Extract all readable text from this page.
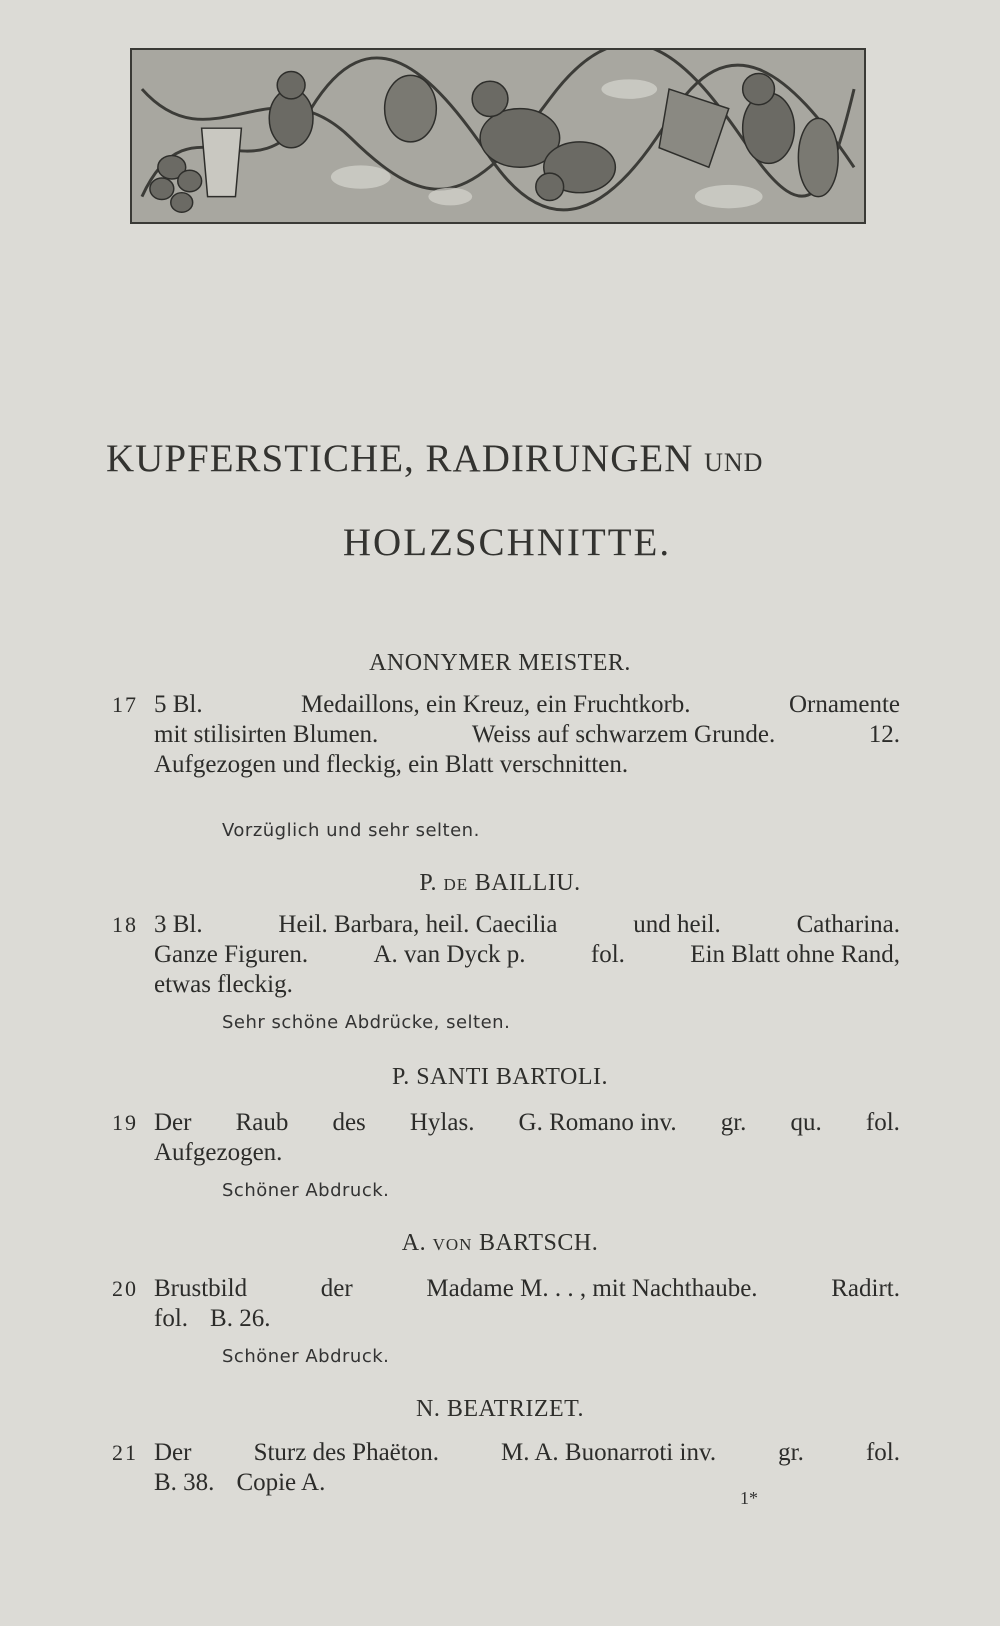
KUPFERSTICHE, RADIRUNGEN UND
HOLZSCHNITTE.
ANONYMER MEISTER.
17 5 Bl.	Medaillons, ein Kreuz, ein Fruchtkorb.	Ornamente
mit stilisirten Blumen.	Weiss auf schwarzem Grunde.	12.
Aufgezogen und fleckig, ein Blatt verschnitten.
Vorzüglich und sehr selten.
P. DE BAILLIU.
18 3 Bl.	Heil. Barbara, heil. Caecilia	und heil.	Catharina.
Ganze Figuren.	A. van Dyck p.	fol.	Ein Blatt ohne Rand,
etwas fleckig.
Sehr schöne Abdrücke, selten.
P. SANTI BARTOLI.
19 Der Raub des Hylas. G. Romano inv. gr. qu. fol.
Aufgezogen.
Schöner Abdruck.
A. VON BARTSCH.
20 Brustbild	der	Madame M. . . , mit Nachthaube.	Radirt.
fol. B. 26.
Schöner Abdruck.
N. BEATRIZET.
21 Der Sturz des Phaëton. M. A. Buonarroti inv. gr. fol.
B. 38. Copie A.
1*
